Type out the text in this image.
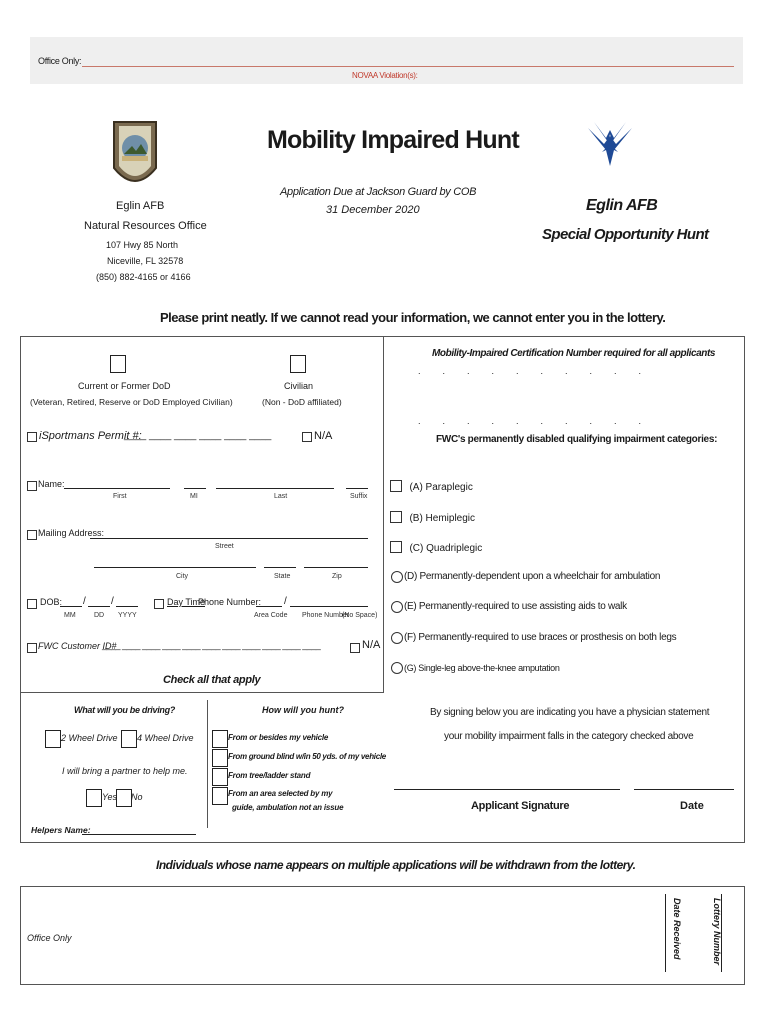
Office Only:
NOVAA Violation(s):
Mobility Impaired Hunt
Application Due at Jackson Guard by COB
31 December 2020
Eglin AFB
Natural Resources Office
107 Hwy 85 North
Niceville, FL 32578
(850) 882-4165 or 4166
Eglin AFB
Special Opportunity Hunt
Please print neatly. If we cannot read your information, we cannot enter you in the lottery.
Current or Former DoD
(Veteran, Retired, Reserve or DoD Employed Civilian)
Civilian
(Non - DoD affiliated)
iSportmans Permit #:
____ ____ ____ ____ ____ ____	N/A
Name:
First	MI	Last	Suffix
Mailing Address:
Street
City	State	Zip
DOB: /	/
MM	DD YYYY
Day Time
Phone Number: /
Area Code Phone Number
(No Space)
FWC Customer ID#
____ ____ ____ ____ ____ ____ ____ ____ ____ ____ ____	N/A
Check all that apply
Mobility-Impaired Certification Number required for all applicants
..........
..........
FWC's permanently disabled qualifying impairment categories:
(A) Paraplegic
(B) Hemiplegic
(C) Quadriplegic
(D) Permanently-dependent upon a wheelchair for ambulation
(E) Permanently-required to use assisting aids to walk
(F) Permanently-required to use braces or prosthesis on both legs
(G) Single-leg above-the-knee amputation
By signing below you are indicating you have a physician statement
your mobility impairment falls in the category checked above
Applicant Signature	Date
What will you be driving?
2 Wheel Drive 4 Wheel Drive
I will bring a partner to help me.
Yes No
Helpers Name:
How will you hunt?
From or besides my vehicle
From ground blind w/in 50 yds. of my vehicle
From tree/ladder stand
From an area selected by my
guide, ambulation not an issue
Individuals whose name appears on multiple applications will be withdrawn from the lottery.
Office Only	Date Received	Lottery Number
